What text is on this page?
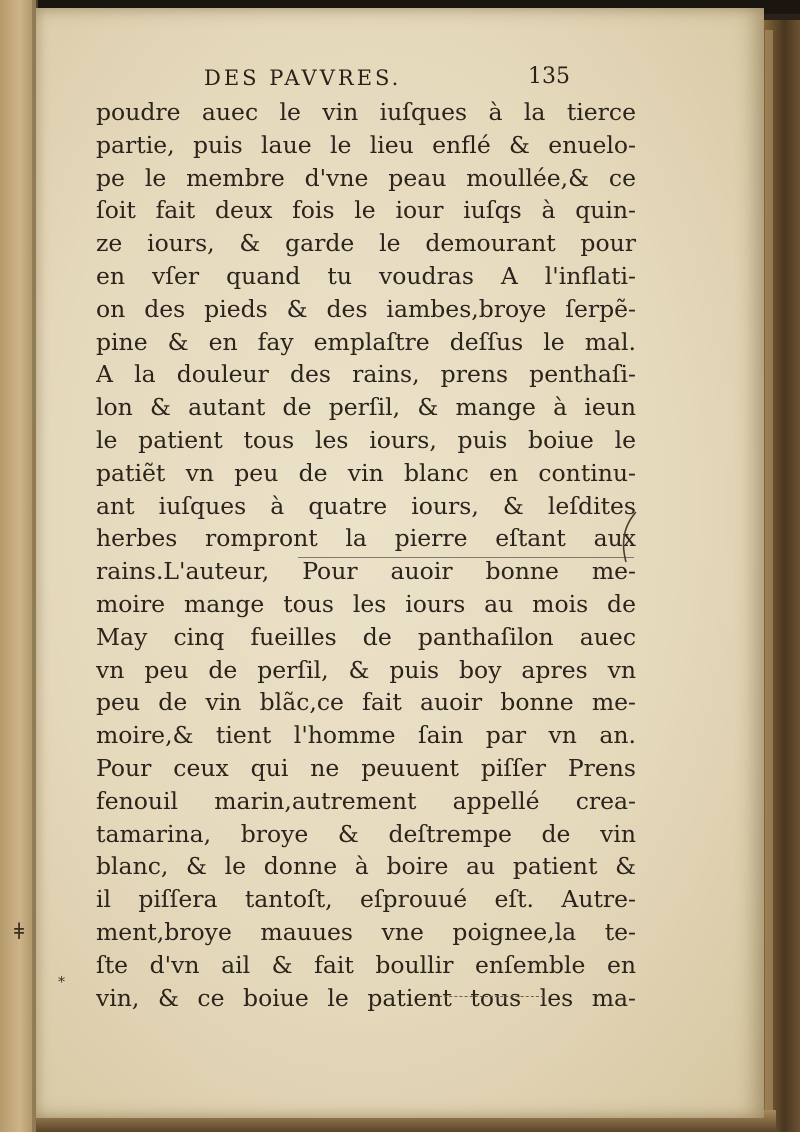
DES PAVVRES.	135
poudre auec le vin iuſques à la tierce
partie, puis laue le lieu enflé & enuelo-
pe le membre d'vne peau moullée,& ce
ſoit fait deux fois le iour iuſqs à quin-
ze iours, & garde le demourant pour
en vſer quand tu voudras A l'inflati-
on des pieds & des iambes,broye ſerpẽ-
pine & en fay emplaſtre deſſus le mal.
A la douleur des rains, prens penthaſi-
lon & autant de perſil, & mange à ieun
le patient tous les iours, puis boiue le
patiẽt vn peu de vin blanc en continu-
ant iuſques à quatre iours, & leſdites
herbes rompront la pierre eſtant aux
rains.L'auteur, Pour auoir bonne me-
moire mange tous les iours au mois de
May cinq fueilles de panthaſilon auec
vn peu de perſil, & puis boy apres vn
peu de vin blãc,ce fait auoir bonne me-
moire,& tient l'homme ſain par vn an.
Pour ceux qui ne peuuent piſſer Prens
fenouil marin,autrement appellé crea-
tamarina, broye & deſtrempe de vin
blanc, & le donne à boire au patient &
il piſſera tantoſt, eſprouué eſt. Autre-
ment,broye mauues vne poignee,la te-
ſte d'vn ail & fait boullir enſemble en
vin, & ce boiue le patient tous les ma-
ǂ
⁎
